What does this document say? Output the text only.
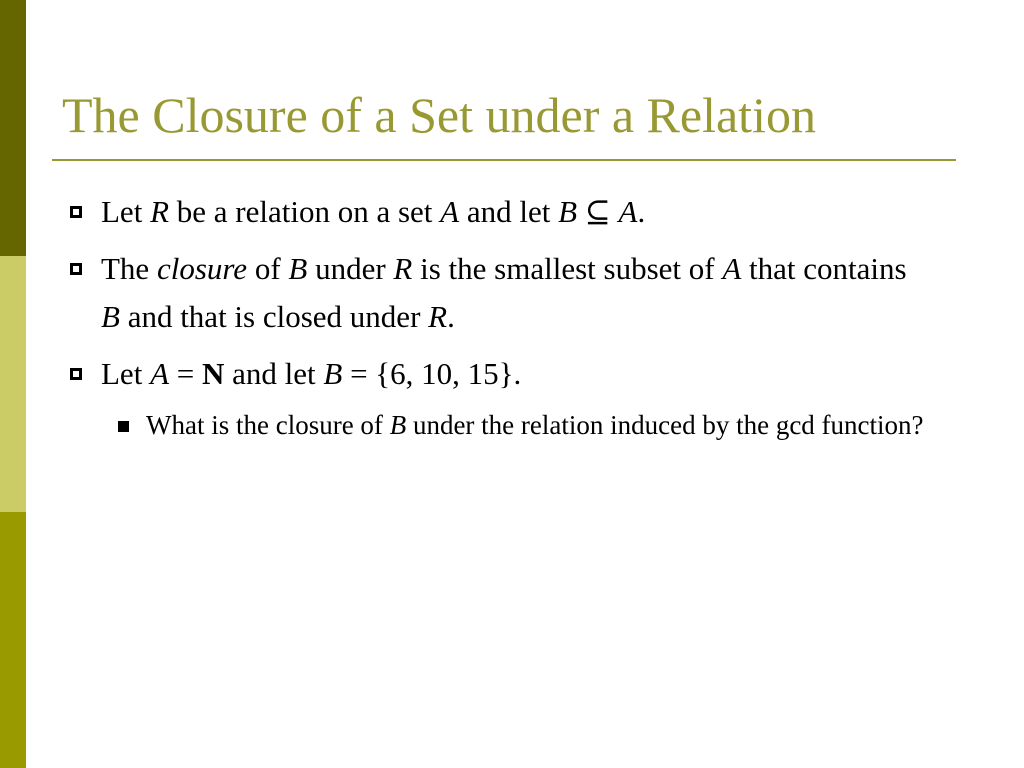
The Closure of a Set under a Relation
Let R be a relation on a set A and let B ⊆ A.
The closure of B under R is the smallest subset of A that contains B and that is closed under R.
Let A = N and let B = {6, 10, 15}.
What is the closure of B under the relation induced by the gcd function?
